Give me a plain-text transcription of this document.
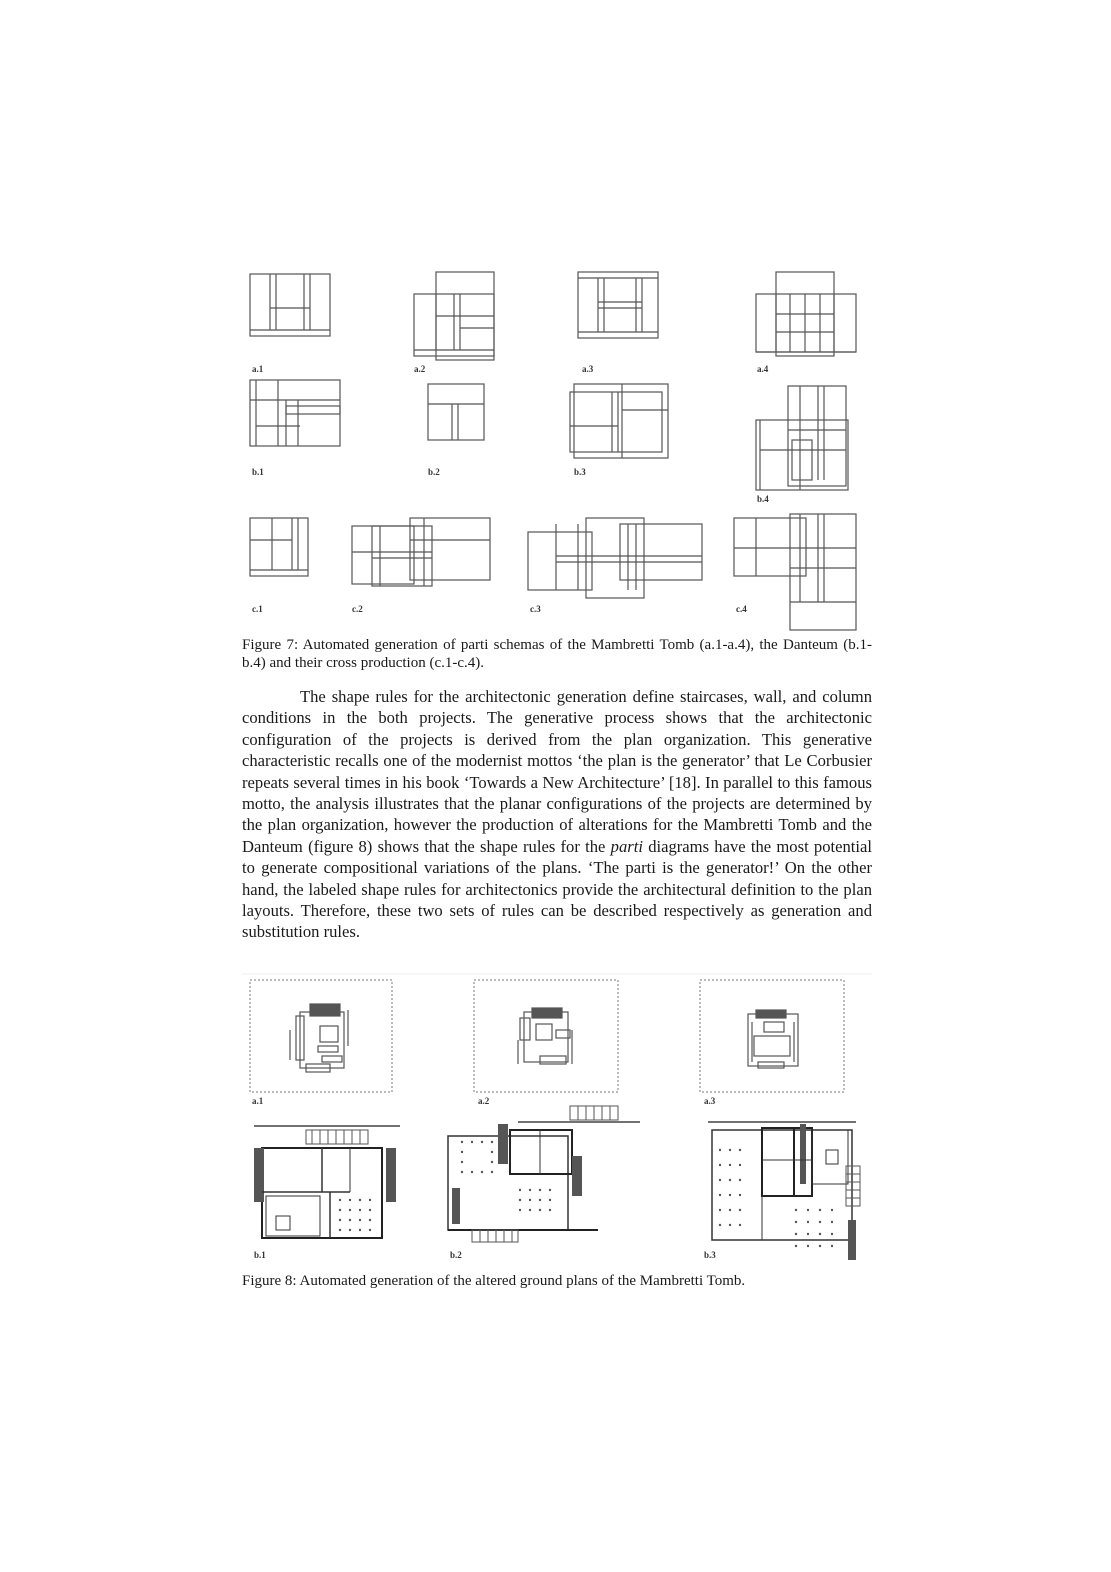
a.1	a.2	a.3	a.4
b.1	b.2	b.3
b.4
c.1	c.2	c.3	c.4
Figure 7: Automated generation of parti schemas of the Mambretti Tomb (a.1-a.4), the Danteum (b.1-b.4) and their cross production (c.1-c.4).

The shape rules for the architectonic generation define staircases, wall, and column conditions in the both projects. The generative process shows that the architectonic configuration of the projects is derived from the plan organization. This generative characteristic recalls one of the modernist mottos ‘the plan is the generator’ that Le Corbusier repeats several times in his book ‘Towards a New Architecture’ [18]. In parallel to this famous motto, the analysis illustrates that the planar configurations of the projects are determined by the plan organization, however the production of alterations for the Mambretti Tomb and the Danteum (figure 8) shows that the shape rules for the parti diagrams have the most potential to generate compositional variations of the plans. ‘The parti is the generator!’ On the other hand, the labeled shape rules for architectonics provide the architectural definition to the plan layouts. Therefore, these two sets of rules can be described respectively as generation and substitution rules.

a.1	a.2	a.3
b.1	b.2	b.3
Figure 8: Automated generation of the altered ground plans of the Mambretti Tomb.
